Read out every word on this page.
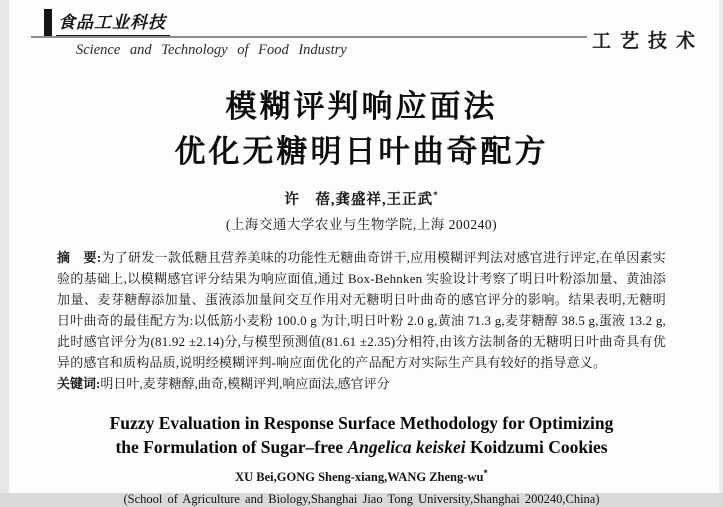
食品工业科技
工艺技术
Science and Technology of Food Industry
模糊评判响应面法
优化无糖明日叶曲奇配方
许　蓓,龚盛祥,王正武*
(上海交通大学农业与生物学院,上海 200240)
摘　要:为了研发一款低糖且营养美味的功能性无糖曲奇饼干,应用模糊评判法对感官进行评定,在单因素实验的基础上,以模糊感官评分结果为响应面值,通过 Box-Behnken 实验设计考察了明日叶粉添加量、黄油添加量、麦芽糖醇添加量、蛋液添加量间交互作用对无糖明日叶曲奇的感官评分的影响。结果表明,无糖明日叶曲奇的最佳配方为:以低筋小麦粉 100.0 g 为计,明日叶粉 2.0 g,黄油 71.3 g,麦芽糖醇 38.5 g,蛋液 13.2 g,此时感官评分为(81.92 ±2.14)分,与模型预测值(81.61 ±2.35)分相符,由该方法制备的无糖明日叶曲奇具有优异的感官和质构品质,说明经模糊评判-响应面优化的产品配方对实际生产具有较好的指导意义。
关键词:明日叶,麦芽糖醇,曲奇,模糊评判,响应面法,感官评分
Fuzzy Evaluation in Response Surface Methodology for Optimizing
the Formulation of Sugar–free Angelica keiskei Koidzumi Cookies
XU Bei,GONG Sheng-xiang,WANG Zheng-wu*
(School of Agriculture and Biology,Shanghai Jiao Tong University,Shanghai 200240,China)
